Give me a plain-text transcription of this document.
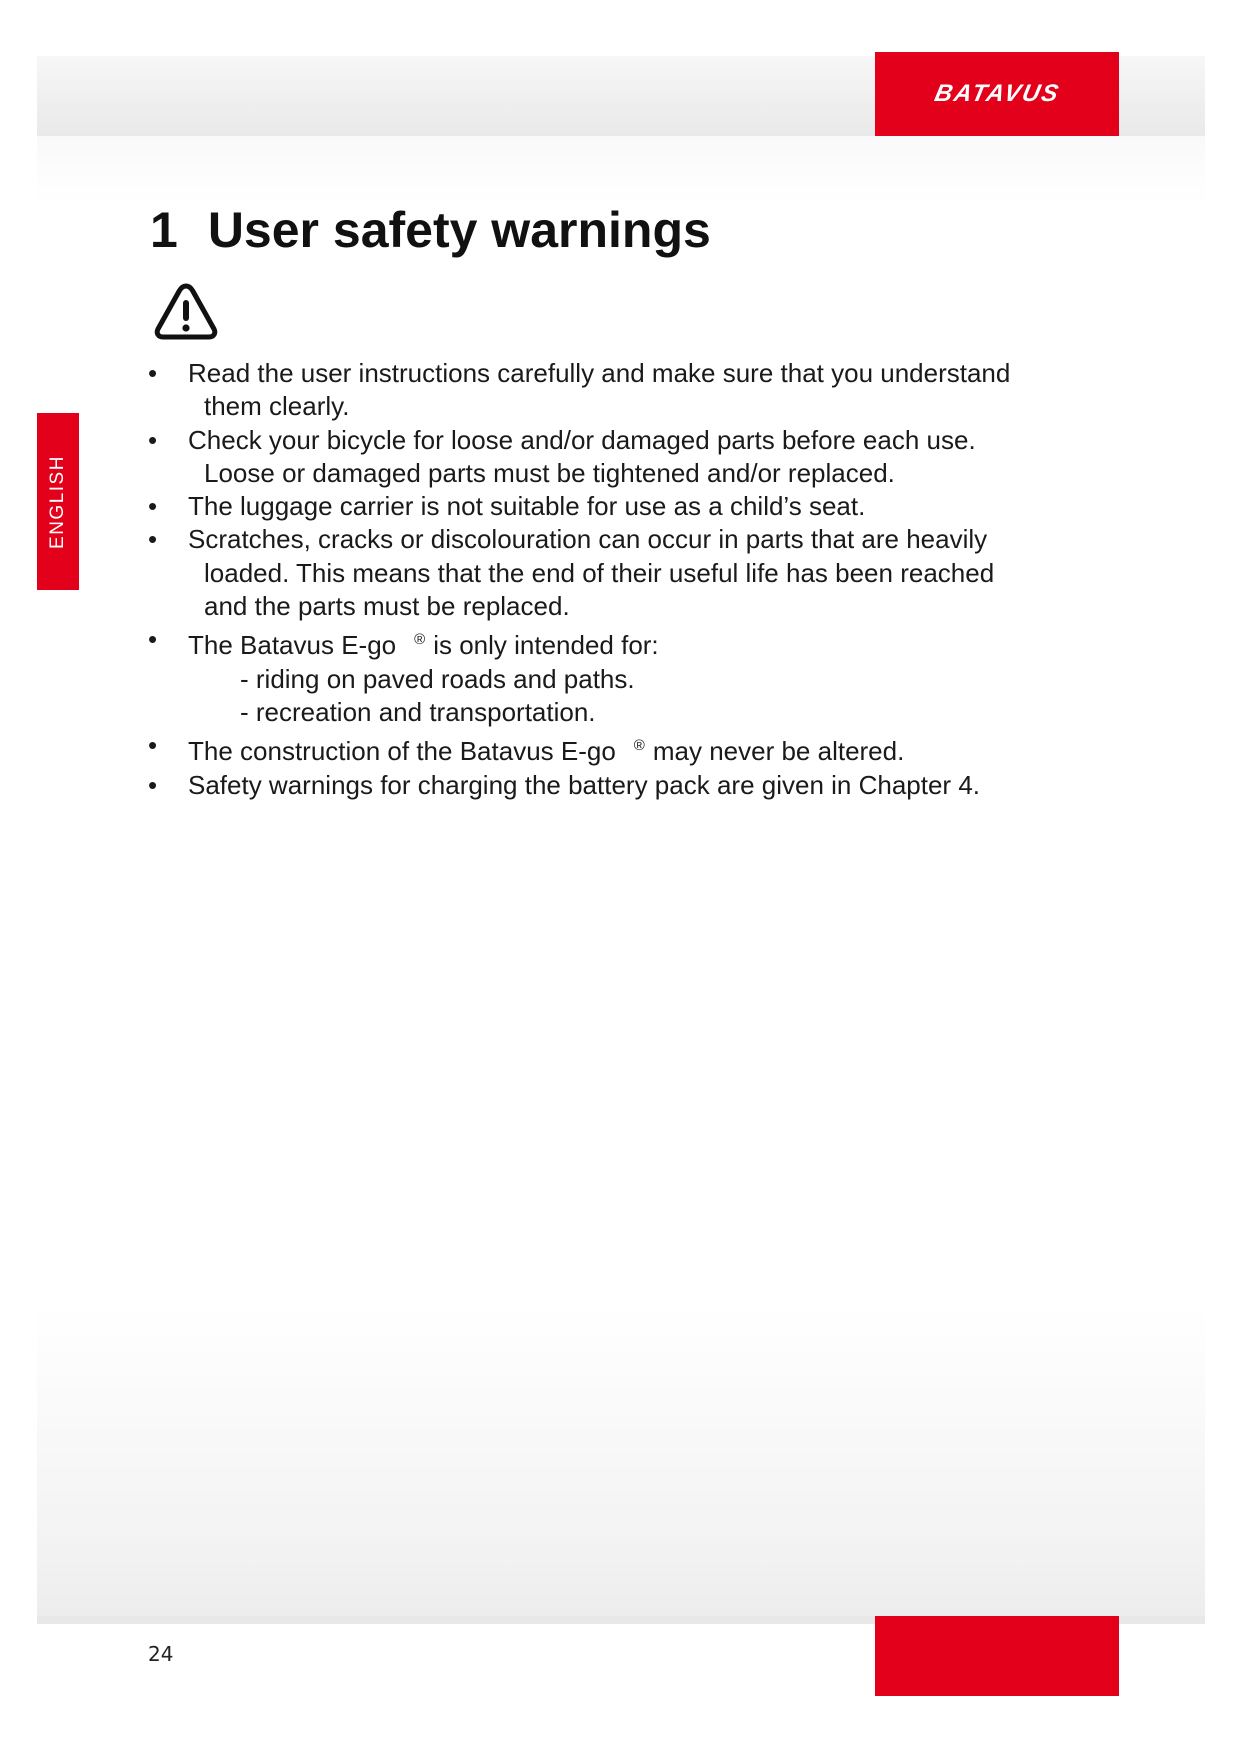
BATAVUS
ENGLISH
1 User safety warnings
• Read the user instructions carefully and make sure that you understand
them clearly.
• Check your bicycle for loose and/or damaged parts before each use.
Loose or damaged parts must be tightened and/or replaced.
• The luggage carrier is not suitable for use as a child’s seat.
• Scratches, cracks or discolouration can occur in parts that are heavily
loaded. This means that the end of their useful life has been reached
and the parts must be replaced.
• The Batavus E-go ® is only intended for:
- riding on paved roads and paths.
- recreation and transportation.
• The construction of the Batavus E-go ® may never be altered.
• Safety warnings for charging the battery pack are given in Chapter 4.
24
